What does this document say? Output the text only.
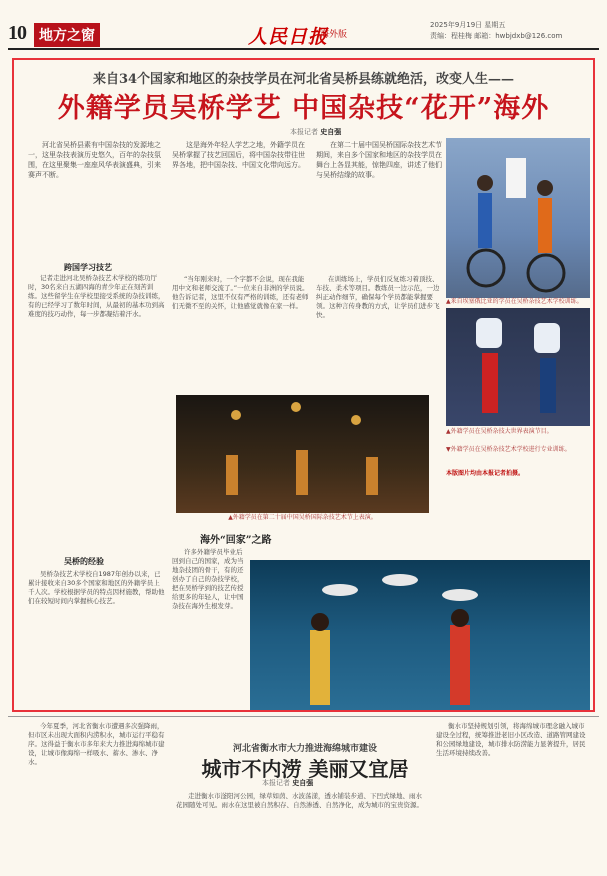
10 地方之窗	人民日报
海外版
2025年9月19日 星期五
责编：程桂梅 邮箱：hwbjdxb@126.com
来自34个国家和地区的杂技学员在河北省吴桥县练就绝活，改变人生——
外籍学员吴桥学艺 中国杂技“花开”海外
本报记者 史自强
河北省吴桥县素有中国杂技的发源地之一，这里杂技表演历史悠久，百年的杂技氛围，在这里聚集一座座风华表演盛典，引来赛声不断。
这是海外年轻人学艺之地，外籍学员在吴桥掌握了技艺回国后，将中国杂技带往世界各地，把中国杂技、中国文化带向远方。
在第二十届中国吴桥国际杂技艺术节期间，来自多个国家和地区的杂技学员在舞台上各显其能，惊艳四座，讲述了他们与吴桥结缘的故事。
▲来自埃塞俄比亚的学员在吴桥杂技艺术学校训练。
▲外籍学员在吴桥杂技大世界表演节目。
▼外籍学员在吴桥杂技艺术学校进行专业训练。
本版图片均由本报记者拍摄。
▲外籍学员在第二十届中国吴桥国际杂技艺术节上表演。
跨国学习技艺
记者走进河北吴桥杂技艺术学校的练功厅时，30名来自五湖四海的青少年正在刻苦训练。这些留学生在学校里接受系统的杂技训练，有的已经学习了数年时间，从最初的基本功到高难度的技巧动作，每一步都凝结着汗水。
吴桥杂技艺术学校自1987年创办以来，已累计接收来自30多个国家和地区的外籍学员上千人次。学校根据学员的特点因材施教，帮助他们在较短时间内掌握核心技艺。
“当年刚来时，一个字都不会说，现在我能用中文和老师交流了。”一位来自非洲的学员说。他告诉记者，这里不仅有严格的训练，还有老师们无微不至的关怀，让他感觉就像在家一样。
在训练场上，学员们反复练习着顶技、车技、柔术等项目。教练员一边示范，一边纠正动作细节，确保每个学员都能掌握要领。这种言传身教的方式，让学员们进步飞快。
海外“回家”之路
许多外籍学员毕业后回到自己的国家，成为当地杂技团的骨干，有的还创办了自己的杂技学校，把在吴桥学到的技艺传授给更多的年轻人，让中国杂技在海外生根发芽。
吴桥的经验
河北省衡水市大力推进海绵城市建设
城市不内涝 美丽又宜居
本报记者 史自强
今年夏季，河北省衡水市遭遇多次强降雨，但市区未出现大面积内涝积水，城市运行平稳有序。这得益于衡水市多年来大力推进海绵城市建设，让城市像海绵一样吸水、蓄水、渗水、净水。
走进衡水市滏阳河公园，绿草如茵、水波荡漾，透水铺装步道、下凹式绿地、雨水花园随处可见。雨水在这里被自然积存、自然渗透、自然净化，成为城市的宝贵资源。
衡水市坚持规划引领，将海绵城市理念融入城市建设全过程，统筹推进老旧小区改造、道路管网建设和公园绿地建设，城市排水防涝能力显著提升，居民生活环境持续改善。
